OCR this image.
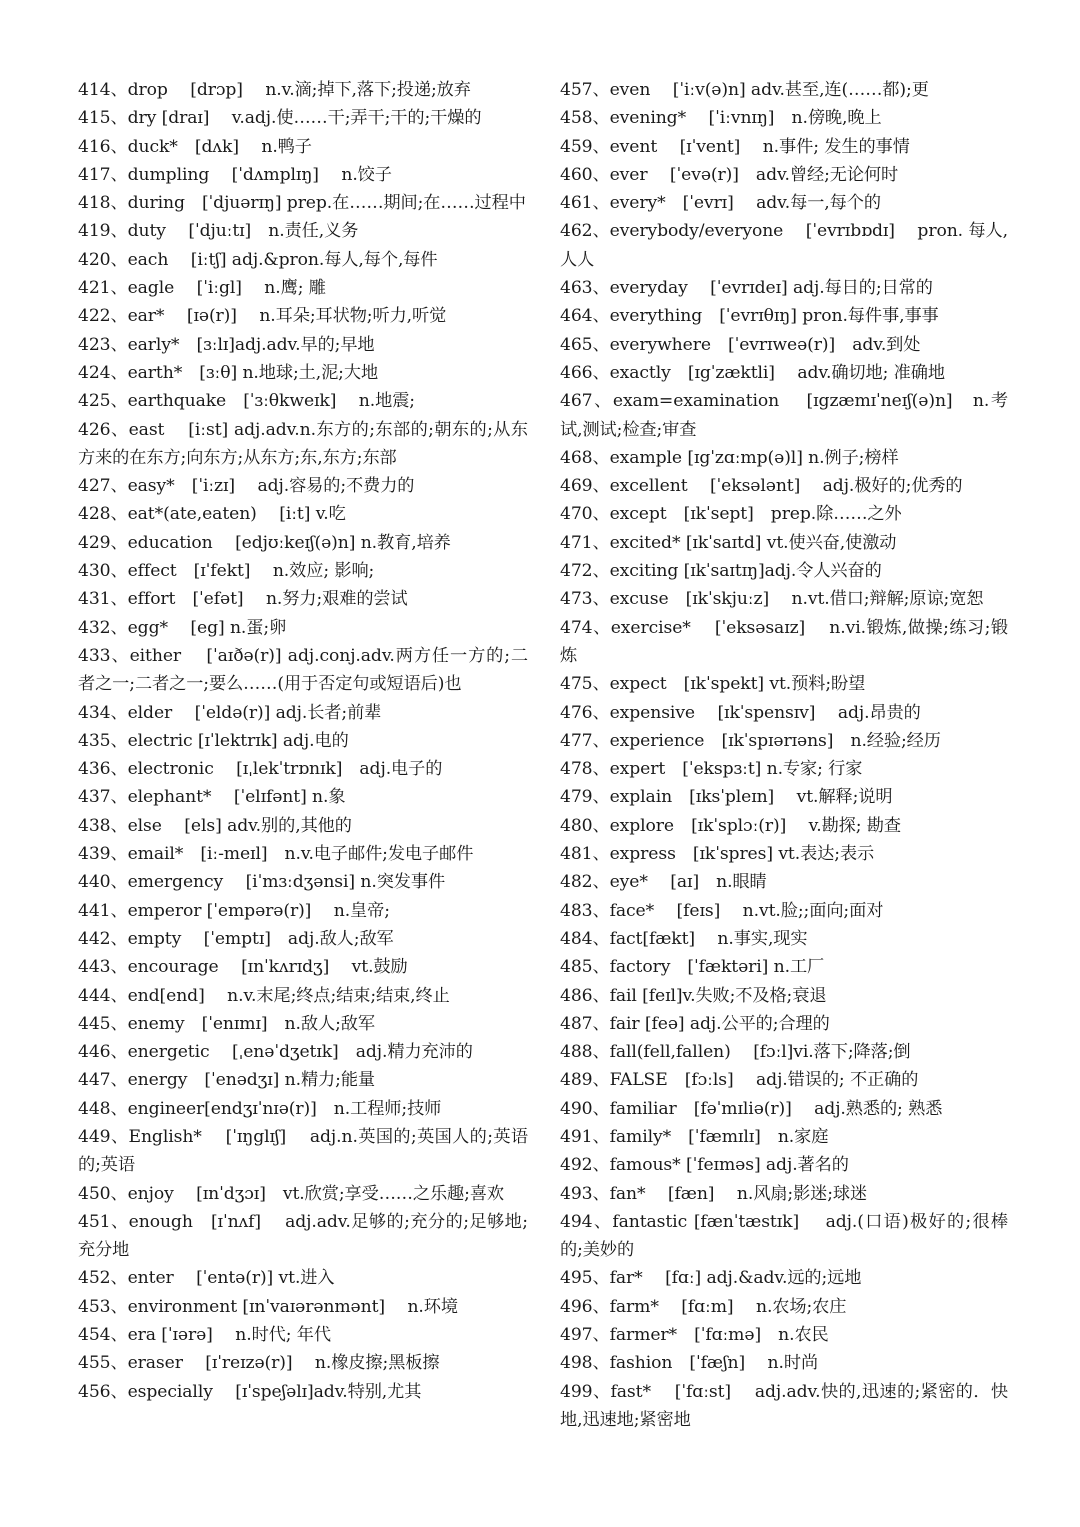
414、drop　 [drɔp]　 n.v.滴;掉下,落下;投递;放弃
415、dry [draɪ]　 v.adj.使……干;弄干;干的;干燥的
416、duck*　[dʌk]　 n.鸭子
417、dumpling　 [ˈdʌmplɪŋ]　 n.饺子
418、during　[ˈdjuərɪŋ] prep.在……期间;在……过程中
419、duty　 [ˈdjuːtɪ]　n.责任,义务
420、each　 [iːtʃ] adj.&pron.每人,每个,每件
421、eagle　 [ˈiːgl]　 n.鹰; 雕
422、ear*　 [ɪə(r)]　 n.耳朵;耳状物;听力,听觉
423、early*　[ɜːlɪ]adj.adv.早的;早地
424、earth*　[ɜːθ] n.地球;土,泥;大地
425、earthquake　[ˈɜːθkweɪk]　 n.地震;
426、east　 [iːst] adj.adv.n.东方的;东部的;朝东的;从东方来的在东方;向东方;从东方;东,东方;东部
427、easy*　[ˈiːzɪ]　 adj.容易的;不费力的
428、eat*(ate,eaten)　 [iːt] v.吃
429、education　 [edjʊːkeɪʃ(ə)n] n.教育,培养
430、effect　[ɪˈfekt]　 n.效应; 影响;
431、effort　[ˈefət]　 n.努力;艰难的尝试
432、egg*　 [eg] n.蛋;卵
433、either　 [ˈaɪðə(r)] adj.conj.adv.两方任一方的;二者之一;二者之一;要么……(用于否定句或短语后)也
434、elder　 [ˈeldə(r)] adj.长者;前辈
435、electric [ɪˈlektrɪk] adj.电的
436、electronic　 [ɪˌlekˈtrɒnɪk]　adj.电子的
437、elephant*　 [ˈelɪfənt] n.象
438、else　 [els] adv.别的,其他的
439、email*　[iː-meɪl]　n.v.电子邮件;发电子邮件
440、emergency　 [iˈmɜːdʒənsi] n.突发事件
441、emperor [ˈempərə(r)]　 n.皇帝;
442、empty　 [ˈemptɪ]　adj.敌人;敌军
443、encourage　 [ɪnˈkʌrɪdʒ]　 vt.鼓励
444、end[end]　 n.v.末尾;终点;结束;结束,终止
445、enemy　[ˈenɪmɪ]　n.敌人;敌军
446、energetic　 [ˌenəˈdʒetɪk]　adj.精力充沛的
447、energy　[ˈenədʒɪ] n.精力;能量
448、engineer[endʒɪˈnɪə(r)]　n.工程师;技师
449、English*　 [ˈɪŋglɪʃ]　 adj.n.英国的;英国人的;英语的;英语
450、enjoy　 [ɪnˈdʒɔɪ]　vt.欣赏;享受……之乐趣;喜欢
451、enough　[ɪˈnʌf]　 adj.adv.足够的;充分的;足够地;充分地
452、enter　 [ˈentə(r)] vt.进入
453、environment [ɪnˈvaɪərənmənt]　 n.环境
454、era [ˈɪərə]　 n.时代; 年代
455、eraser　 [ɪˈreɪzə(r)]　 n.橡皮擦;黑板擦
456、especially　 [ɪˈspeʃəlɪ]adv.特别,尤其
457、even　 [ˈiːv(ə)n] adv.甚至,连(……都);更
458、evening*　 [ˈiːvnɪŋ]　n.傍晚,晚上
459、event　 [ɪˈvent]　 n.事件; 发生的事情
460、ever　 [ˈevə(r)]　adv.曾经;无论何时
461、every*　[ˈevrɪ]　 adv.每一,每个的
462、everybody/everyone　 [ˈevrɪbɒdɪ]　 pron. 每人, 人人
463、everyday　 [ˈevrɪdeɪ] adj.每日的;日常的
464、everything　[ˈevrɪθɪŋ] pron.每件事,事事
465、everywhere　[ˈevrɪweə(r)]　adv.到处
466、exactly　[ɪgˈzæktli]　 adv.确切地; 准确地
467、exam=examination　 [ɪgzæmɪˈneɪʃ(ə)n]　n.考试,测试;检查;审查
468、example [ɪgˈzɑːmp(ə)l] n.例子;榜样
469、excellent　 [ˈeksələnt]　 adj.极好的;优秀的
470、except　[ɪkˈsept]　prep.除……之外
471、excited* [ɪkˈsaɪtd] vt.使兴奋,使激动
472、exciting [ɪkˈsaɪtɪŋ]adj.令人兴奋的
473、excuse　[ɪkˈskjuːz]　 n.vt.借口;辩解;原谅;宽恕
474、exercise*　 [ˈeksəsaɪz]　 n.vi.锻炼,做操;练习;锻炼
475、expect　[ɪkˈspekt] vt.预料;盼望
476、expensive　 [ɪkˈspensɪv]　 adj.昂贵的
477、experience　[ɪkˈspɪərɪəns]　n.经验;经历
478、expert　[ˈekspɜːt] n.专家; 行家
479、explain　[ɪksˈpleɪn]　 vt.解释;说明
480、explore　[ɪkˈsplɔː(r)]　 v.勘探; 勘查
481、express　[ɪkˈspres] vt.表达;表示
482、eye*　 [aɪ]　n.眼睛
483、face*　 [feɪs]　 n.vt.脸;;面向;面对
484、fact[fækt]　 n.事实,现实
485、factory　[ˈfæktəri] n.工厂
486、fail [feɪl]v.失败;不及格;衰退
487、fair [feə] adj.公平的;合理的
488、fall(fell,fallen)　 [fɔːl]vi.落下;降落;倒
489、FALSE　[fɔːls]　 adj.错误的; 不正确的
490、familiar　[fəˈmɪliə(r)]　 adj.熟悉的; 熟悉
491、family*　[ˈfæmɪlɪ]　n.家庭
492、famous* [ˈfeɪməs] adj.著名的
493、fan*　 [fæn]　 n.风扇;影迷;球迷
494、fantastic [fænˈtæstɪk]　 adj.(口语)极好的;很棒的;美妙的
495、far*　 [fɑː] adj.&adv.远的;远地
496、farm*　 [fɑːm]　 n.农场;农庄
497、farmer*　[ˈfɑːmə]　n.农民
498、fashion　[ˈfæʃn]　 n.时尚
499、fast*　 [ˈfɑːst]　 adj.adv.快的,迅速的;紧密的．快地,迅速地;紧密地
